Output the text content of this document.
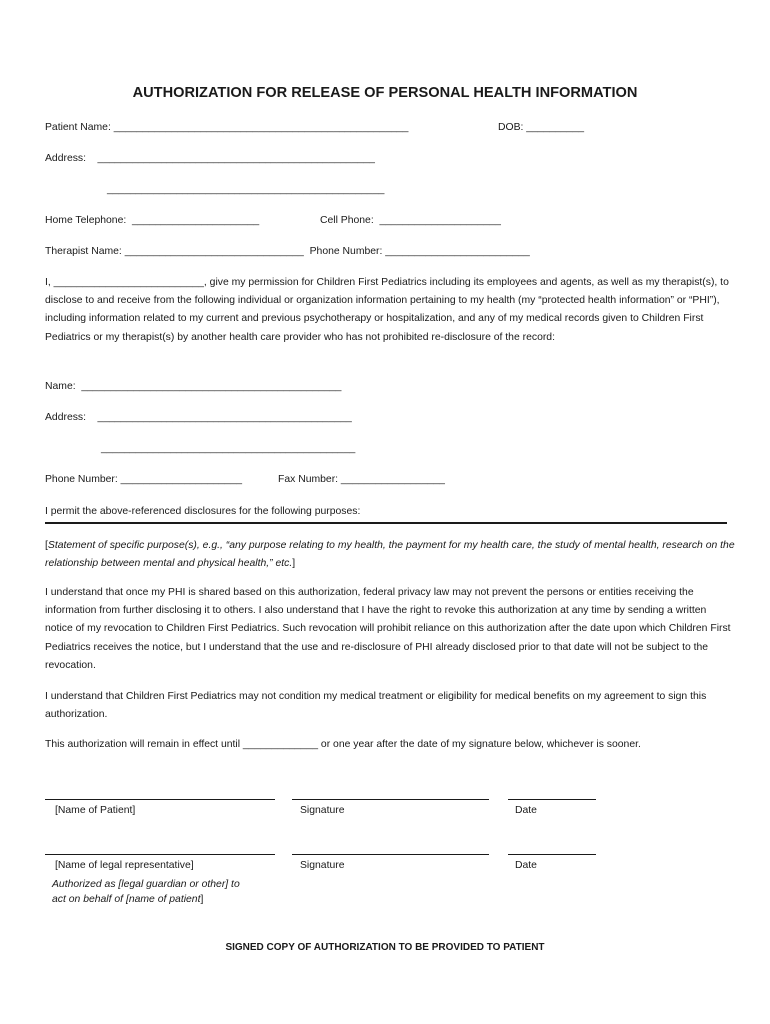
AUTHORIZATION FOR RELEASE OF PERSONAL HEALTH INFORMATION
Patient Name: ___________________________________________________	DOB: __________
Address:    ________________________________________________
________________________________________________
Home Telephone:  ______________________	Cell Phone:  _____________________
Therapist Name: _______________________________  Phone Number: _________________________
I, __________________________, give my permission for Children First Pediatrics including its employees and agents, as well as my therapist(s), to disclose to and receive from the following individual or organization information pertaining to my health (my “protected health information” or “PHI”), including information related to my current and previous psychotherapy or hospitalization, and any of my medical records given to Children First Pediatrics or my therapist(s) by another health care provider who has not prohibited re-disclosure of the record:
Name:  _____________________________________________
Address:    ____________________________________________
____________________________________________
Phone Number: _____________________	Fax Number: __________________
I permit the above-referenced disclosures for the following purposes:
[Statement of specific purpose(s), e.g., “any purpose relating to my health, the payment for my health care, the study of mental health, research on the relationship between mental and physical health,” etc.]
I understand that once my PHI is shared based on this authorization, federal privacy law may not prevent the persons or entities receiving the information from further disclosing it to others. I also understand that I have the right to revoke this authorization at any time by sending a written notice of my revocation to Children First Pediatrics. Such revocation will prohibit reliance on this authorization after the date upon which Children First Pediatrics receives the notice, but I understand that the use and re-disclosure of PHI already disclosed prior to that date will not be subject to the revocation.
I understand that Children First Pediatrics may not condition my medical treatment or eligibility for medical benefits on my agreement to sign this authorization.
This authorization will remain in effect until _____________ or one year after the date of my signature below, whichever is sooner.
[Name of Patient]	Signature	Date
[Name of legal representative]	Signature	Date
Authorized as [legal guardian or other] to
act on behalf of [name of patient]
SIGNED COPY OF AUTHORIZATION TO BE PROVIDED TO PATIENT
